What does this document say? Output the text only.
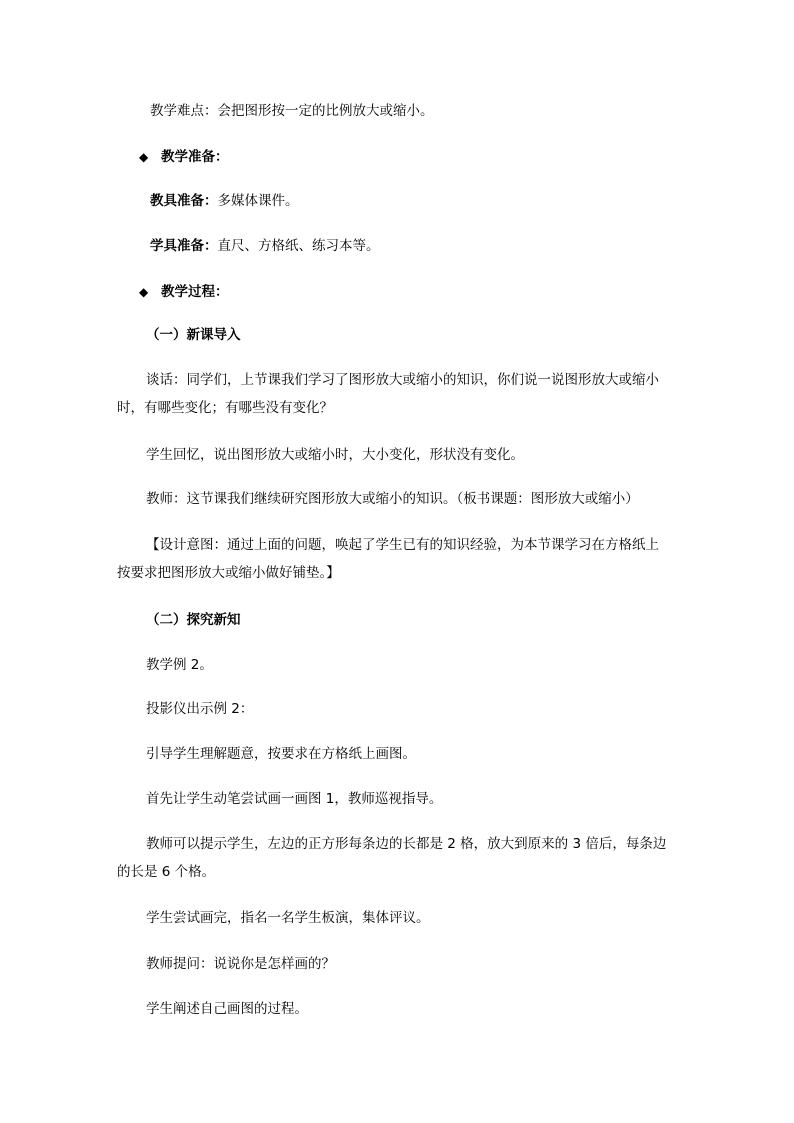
教学难点：会把图形按一定的比例放大或缩小。
◆ 教学准备：
教具准备：多媒体课件。
学具准备：直尺、方格纸、练习本等。
◆ 教学过程：
（一）新课导入
谈话：同学们，上节课我们学习了图形放大或缩小的知识，你们说一说图形放大或缩小
时，有哪些变化；有哪些没有变化？
学生回忆，说出图形放大或缩小时，大小变化，形状没有变化。
教师：这节课我们继续研究图形放大或缩小的知识。（板书课题：图形放大或缩小）
【设计意图：通过上面的问题，唤起了学生已有的知识经验，为本节课学习在方格纸上
按要求把图形放大或缩小做好铺垫。】
（二）探究新知
教学例 2。
投影仪出示例 2：
引导学生理解题意，按要求在方格纸上画图。
首先让学生动笔尝试画一画图 1，教师巡视指导。
教师可以提示学生，左边的正方形每条边的长都是 2 格，放大到原来的 3 倍后，每条边
的长是 6 个格。
学生尝试画完，指名一名学生板演，集体评议。
教师提问：说说你是怎样画的？
学生阐述自己画图的过程。
